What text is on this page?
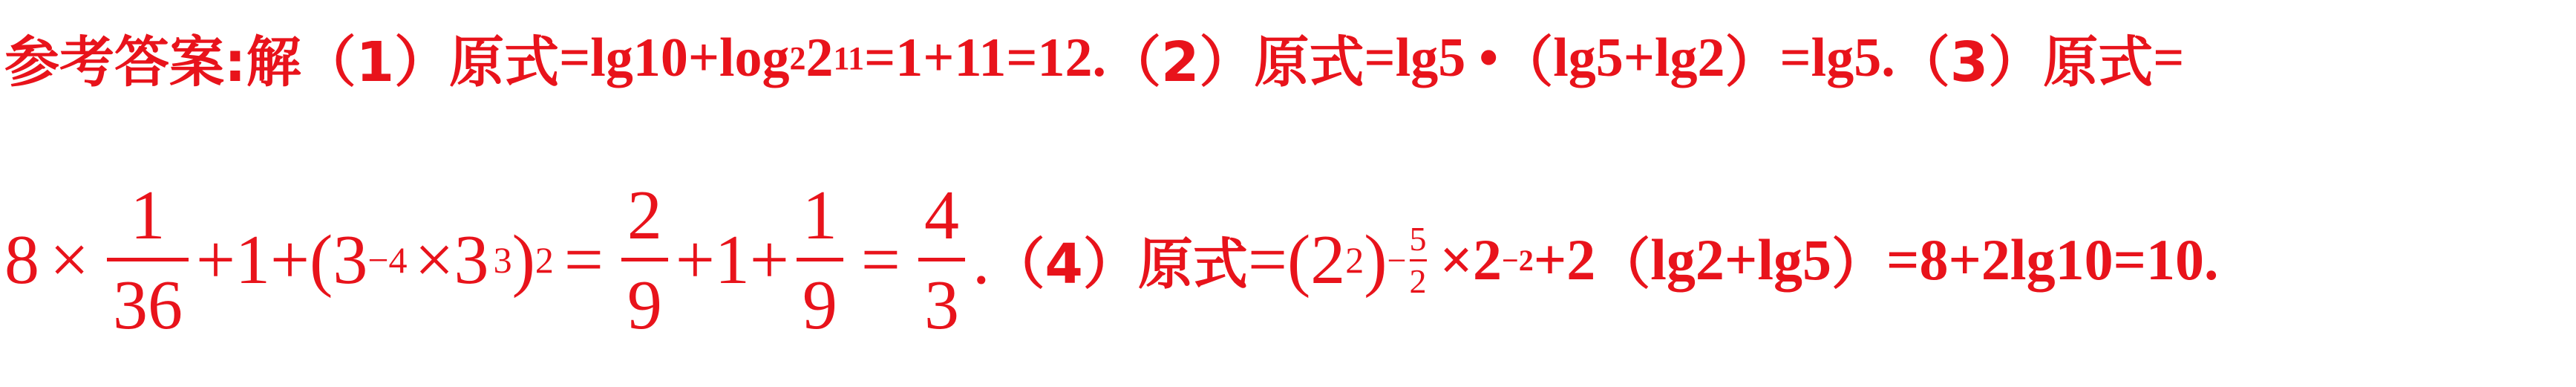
参考答案:解 （1） 原式 =lg10+log 2 2 11 =1+11=12. （2） 原式 =lg5 • （ lg5+lg2 ） =lg5. （3） 原式 =
8 ×
1
36
+1+(3 −4 ×3 3 ) 2 =
2
9
+1+
1
9
=
4
3
. （4） 原式 =(2 2 ) −
5
2 ×2 −2 +2 （ lg2+lg5 ） =8+2lg10=10.
